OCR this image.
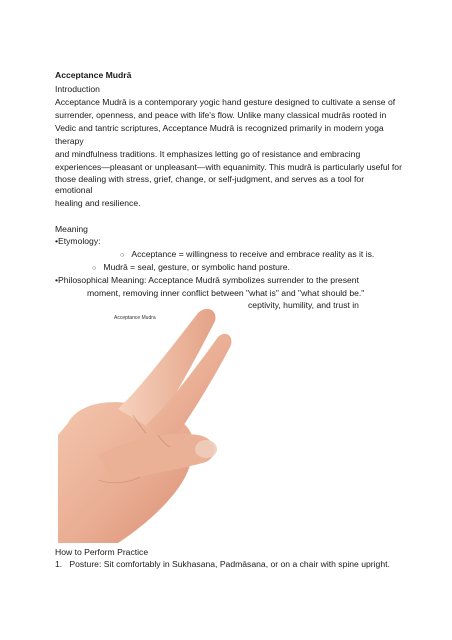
Acceptance Mudrā
Introduction
Acceptance Mudrā is a contemporary yogic hand gesture designed to cultivate a sense of
surrender, openness, and peace with life's flow. Unlike many classical mudrās rooted in
Vedic and tantric scriptures, Acceptance Mudrā is recognized primarily in modern yoga
therapy
and mindfulness traditions. It emphasizes letting go of resistance and embracing
experiences—pleasant or unpleasant—with equanimity. This mudrā is particularly useful for
those dealing with stress, grief, change, or self-judgment, and serves as a tool for
emotional
healing and resilience.
Meaning
•Etymology:
○ Acceptance = willingness to receive and embrace reality as it is.
○ Mudrā = seal, gesture, or symbolic hand posture.
•Philosophical Meaning: Acceptance Mudrā symbolizes surrender to the present
moment, removing inner conflict between "what is" and "what should be."
ceptivity, humility, and trust in
Acceptance Mudra
How to Perform Practice
1. Posture: Sit comfortably in Sukhasana, Padmāsana, or on a chair with spine upright.
